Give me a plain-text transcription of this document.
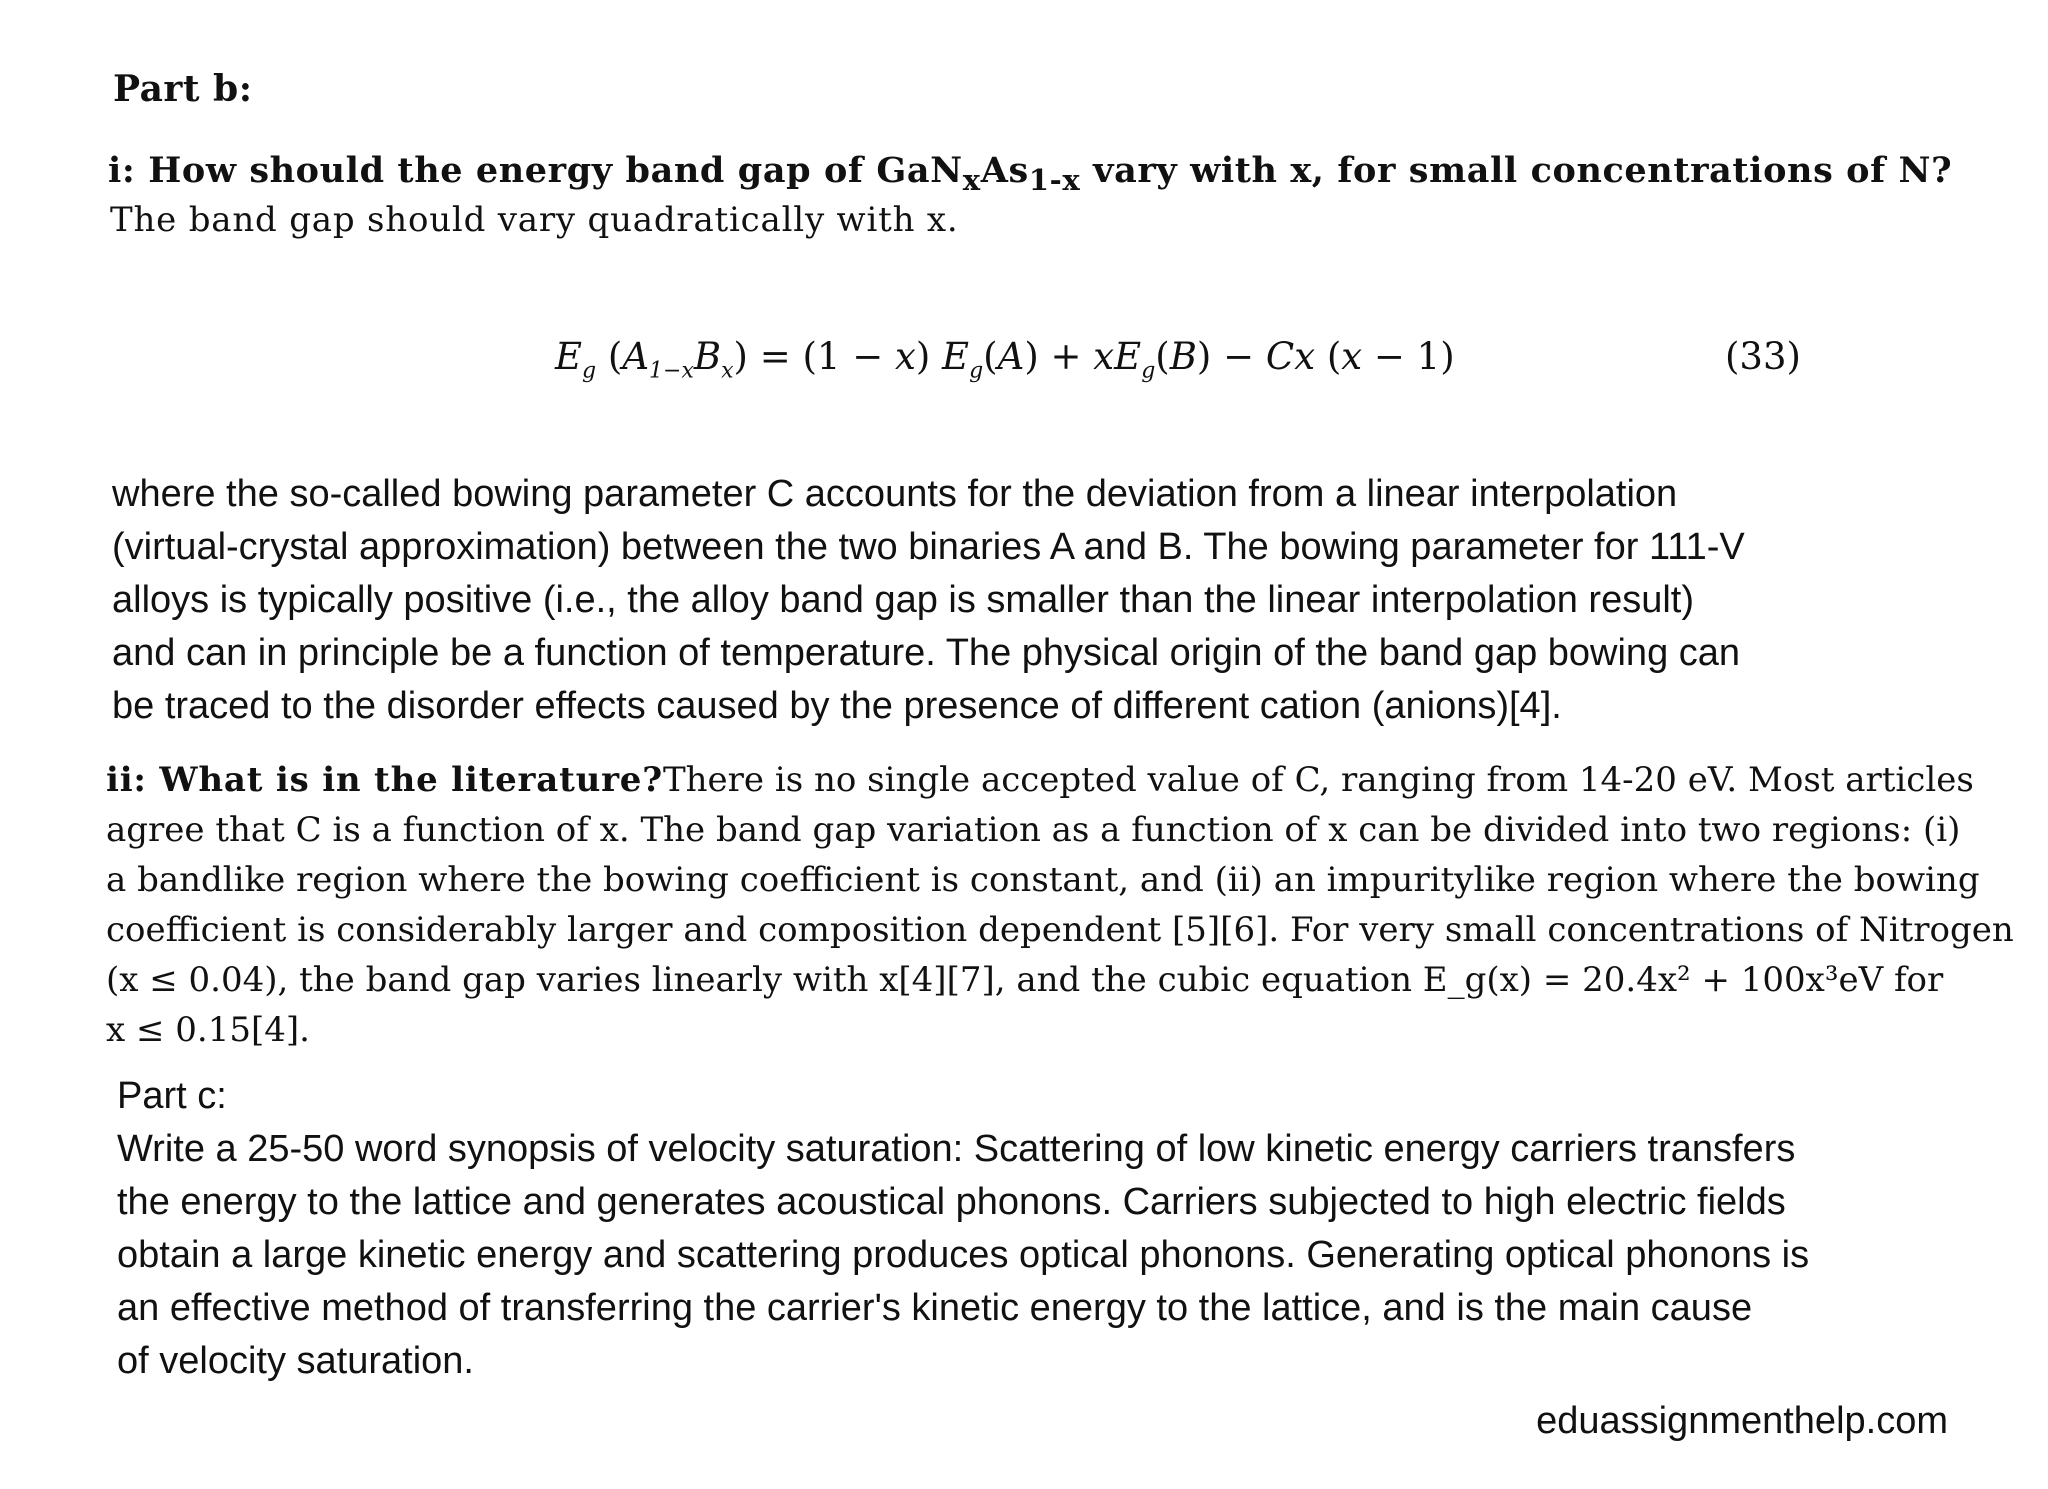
Part b:
i: How should the energy band gap of $GaN_xAs_{1-x}$ vary with x, for small concentrations of N?
The band gap should vary quadratically with x.
$E_g$ $(A_{1-x}B_x) = (1 - x) E_g(A) + xE_g(B) - Cx$ (x − 1)	(33)
where the so-called bowing parameter C accounts for the deviation from a linear interpolation
(virtual-crystal approximation) between the two binaries A and B. The bowing parameter for 111-V
alloys is typically positive (i.e., the alloy band gap is smaller than the linear interpolation result)
and can in principle be a function of temperature. The physical origin of the band gap bowing can
be traced to the disorder effects caused by the presence of different cation (anions)[4].
ii: What is in the literature? There is no single accepted value of C, ranging from 14-20 eV. Most articles
agree that C is a function of x. The band gap variation as a function of x can be divided into two regions: (i)
a bandlike region where the bowing coefficient is constant, and (ii) an impuritylike region where the bowing
coefficient is considerably larger and composition dependent [5][6]. For very small concentrations of Nitrogen
(x ≤ 0.04), the band gap varies linearly with x[4][7], and the cubic equation E_g(x) = 20.4x² + 100x³eV for
x ≤ 0.15[4].
Part c:
Write a 25-50 word synopsis of velocity saturation: Scattering of low kinetic energy carriers transfers
the energy to the lattice and generates acoustical phonons. Carriers subjected to high electric fields
obtain a large kinetic energy and scattering produces optical phonons. Generating optical phonons is
an effective method of transferring the carrier's kinetic energy to the lattice, and is the main cause
of velocity saturation.
eduassignmenthelp.com
